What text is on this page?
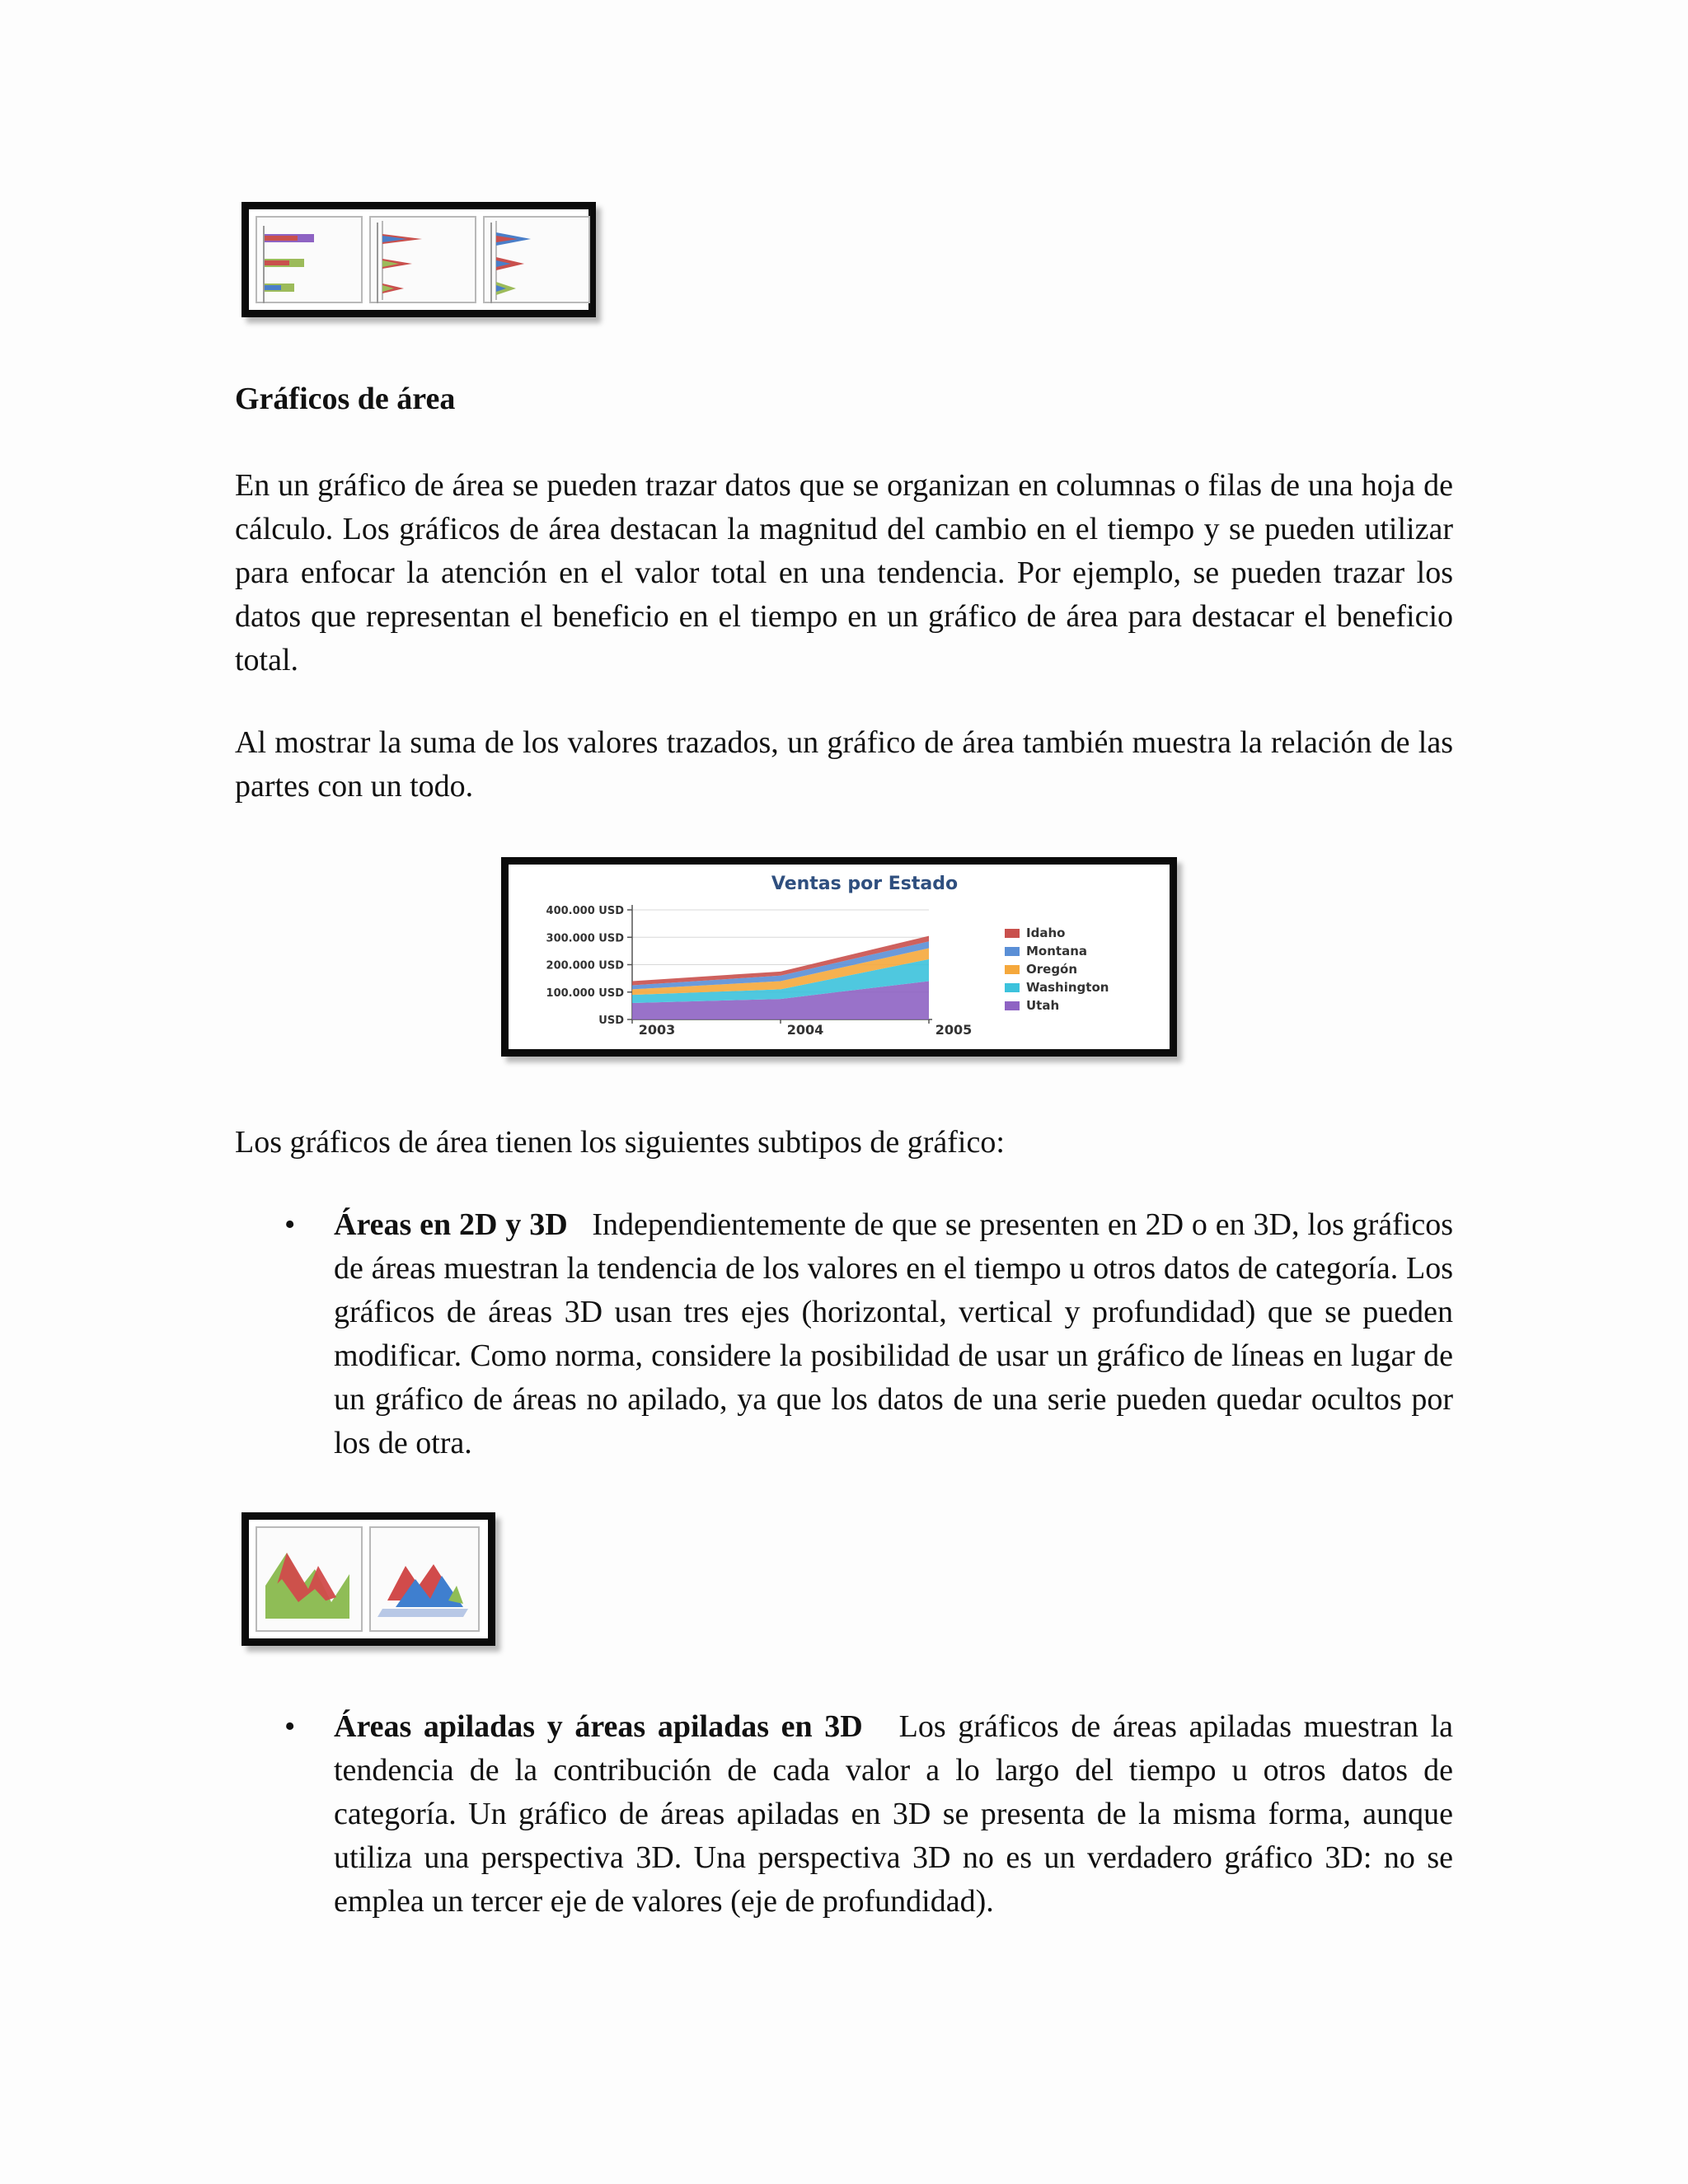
Gráficos de área

En un gráfico de área se pueden trazar datos que se organizan en columnas o filas de una hoja de cálculo. Los gráficos de área destacan la magnitud del cambio en el tiempo y se pueden utilizar para enfocar la atención en el valor total en una tendencia. Por ejemplo, se pueden trazar los datos que representan el beneficio en el tiempo en un gráfico de área para destacar el beneficio total.

Al mostrar la suma de los valores trazados, un gráfico de área también muestra la relación de las partes con un todo.

Ventas por Estado
USD
100.000 USD
200.000 USD
300.000 USD
400.000 USD
2003	2004	2005
Idaho
Montana
Oregón
Washington
Utah

Los gráficos de área tienen los siguientes subtipos de gráfico:

• Áreas en 2D y 3D Independientemente de que se presenten en 2D o en 3D, los gráficos de áreas muestran la tendencia de los valores en el tiempo u otros datos de categoría. Los gráficos de áreas 3D usan tres ejes (horizontal, vertical y profundidad) que se pueden modificar. Como norma, considere la posibilidad de usar un gráfico de líneas en lugar de un gráfico de áreas no apilado, ya que los datos de una serie pueden quedar ocultos por los de otra.

• Áreas apiladas y áreas apiladas en 3D Los gráficos de áreas apiladas muestran la tendencia de la contribución de cada valor a lo largo del tiempo u otros datos de categoría. Un gráfico de áreas apiladas en 3D se presenta de la misma forma, aunque utiliza una perspectiva 3D. Una perspectiva 3D no es un verdadero gráfico 3D: no se emplea un tercer eje de valores (eje de profundidad).
